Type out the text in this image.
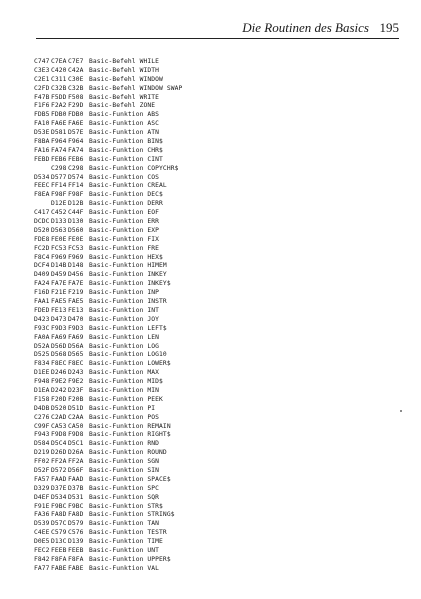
Die Routinen des Basics 195
C747C7EAC7E7 Basic-Befehl WHILE
C3E3C420C42A Basic-Befehl WIDTH
C2E1C311C30E Basic-Befehl WINDOW
C2FDC32BC32B Basic-Befehl WINDOW SWAP
F47BF5DDF508 Basic-Befehl WRITE
F1F6F2A2F29D Basic-Befehl ZONE
FDB5FDB0FDB0 Basic-Funktion ABS
FA10FA6EFA6E Basic-Funktion ASC
D53ED581D57E Basic-Funktion ATN
F8BAF964F964 Basic-Funktion BIN$
FA16FA74FA74 Basic-Funktion CHR$
FEBDFEB6FEB6 Basic-Funktion CINT
C298C298 Basic-Funktion COPYCHR$
D534D577D574 Basic-Funktion COS
FEECFF14FF14 Basic-Funktion CREAL
F8EAF98FF98F Basic-Funktion DEC$
D12ED12B Basic-Funktion DERR
C417C452C44F Basic-Funktion EOF
DCDCD133D130 Basic-Funktion ERR
D520D563D560 Basic-Funktion EXP
FDE8FE0EFE0E Basic-Funktion FIX
FC2DFC53FC53 Basic-Funktion FRE
F8C4F969F969 Basic-Funktion HEX$
DCF4D14BD148 Basic-Funktion HIMEM
D409D459D456 Basic-Funktion INKEY
FA24FA7EFA7E Basic-Funktion INKEY$
F16DF21EF219 Basic-Funktion INP
FAA1FAE5FAE5 Basic-Funktion INSTR
FDEDFE13FE13 Basic-Funktion INT
D423D473D470 Basic-Funktion JOY
F93CF9D3F9D3 Basic-Funktion LEFT$
FA0AFA69FA69 Basic-Funktion LEN
D52AD56DD56A Basic-Funktion LOG
D525D568D565 Basic-Funktion LOG10
F834F8ECF8EC Basic-Funktion LOWER$
D1EED246D243 Basic-Funktion MAX
F948F9E2F9E2 Basic-Funktion MID$
D1EAD242D23F Basic-Funktion MIN
F158F20DF20B Basic-Funktion PEEK
D4DBD520D51D Basic-Funktion PI
C276C2ADC2AA Basic-Funktion POS
C99FCA53CA50 Basic-Funktion REMAIN
F943F9D8F9D8 Basic-Funktion RIGHT$
D584D5C4D5C1 Basic-Funktion RND
D219D26DD26A Basic-Funktion ROUND
FF02FF2AFF2A Basic-Funktion SGN
D52FD572D56F Basic-Funktion SIN
FA57FAADFAAD Basic-Funktion SPACE$
D329D37ED37B Basic-Funktion SPC
D4EFD534D531 Basic-Funktion SQR
F91EF9BCF9BC Basic-Funktion STR$
FA36FA8DFA8D Basic-Funktion STRING$
D539D57CD579 Basic-Funktion TAN
C4EEC579C576 Basic-Funktion TESTR
D0E5D13CD139 Basic-Funktion TIME
FEC2FEEBFEEB Basic-Funktion UNT
F842F8FAF8FA Basic-Funktion UPPER$
FA77FABEFABE Basic-Funktion VAL
